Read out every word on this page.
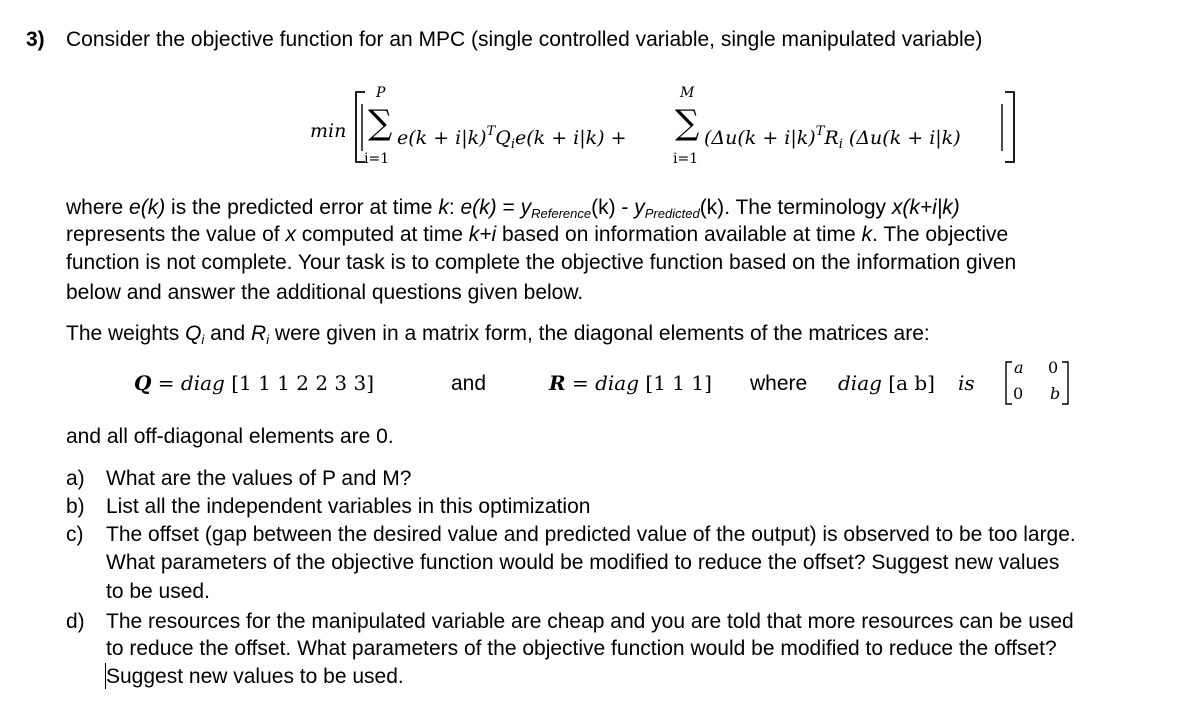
3) Consider the objective function for an MPC (single controlled variable, single manipulated variable)
min
P
∑
i=1
$e(k + i|k)^TQ_ie(k + i|k)$ +
M
∑
i=1
($\Delta u(k + i|k)^TR_i$ (Δu(k + i|k)
where e(k) is the predicted error at time k: $e(k) = y_{Reference}(k) - y_{Predicted}(k)$. The terminology x(k+i|k)
represents the value of x computed at time k+i based on information available at time k. The objective
function is not complete. Your task is to complete the objective function based on the information given
below and answer the additional questions given below.
The weights $Q_i$ and $R_i$ were given in a matrix form, the diagonal elements of the matrices are:
Q = diag [1 1 1 2 2 3 3]	and	R = diag [1 1 1] where diag [a b] is
a 0
0 b
and all off-diagonal elements are 0.
a) What are the values of P and M?
b) List all the independent variables in this optimization
c) The offset (gap between the desired value and predicted value of the output) is observed to be too large.
What parameters of the objective function would be modified to reduce the offset? Suggest new values
to be used.
d) The resources for the manipulated variable are cheap and you are told that more resources can be used
to reduce the offset. What parameters of the objective function would be modified to reduce the offset?
Suggest new values to be used.
